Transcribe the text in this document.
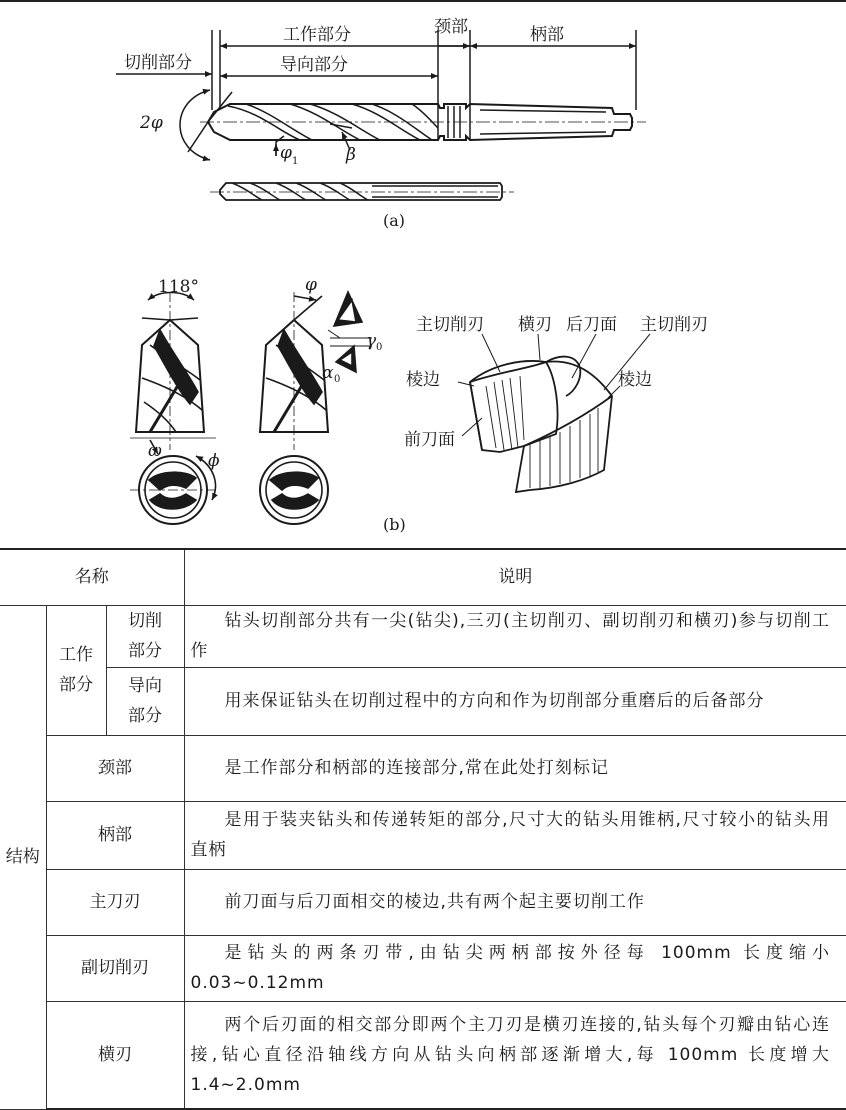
工作部分	颈部	柄部
切削部分	导向部分
2φ
φ 1	β
(a)
118°	φ
ω	ϕ
γ 0
α 0
主切削刃 横刃 后刀面 主切削刃
棱边	棱边
前刀面
(b)
名称			说明
结构	工作部分	切削部分	钻头切削部分共有一尖(钻尖),三刃(主切削刃、副切削刃和横刃)参与切削工作

		导向部分	用来保证钻头在切削过程中的方向和作为切削部分重磨后的后备部分

	颈部		是工作部分和柄部的连接部分,常在此处打刻标记

	柄部		是用于装夹钻头和传递转矩的部分,尺寸大的钻头用锥柄,尺寸较小的钻头用直柄

	主刀刃		前刀面与后刀面相交的棱边,共有两个起主要切削工作

	副切削刃		是钻头的两条刃带,由钻尖两柄部按外径每 100mm 长度缩小 0.03~0.12mm

	横刃		两个后刃面的相交部分即两个主刀刃是横刃连接的,钻头每个刃瓣由钻心连接,钻心直径沿轴线方向从钻头向柄部逐渐增大,每 100mm 长度增大 1.4~2.0mm
